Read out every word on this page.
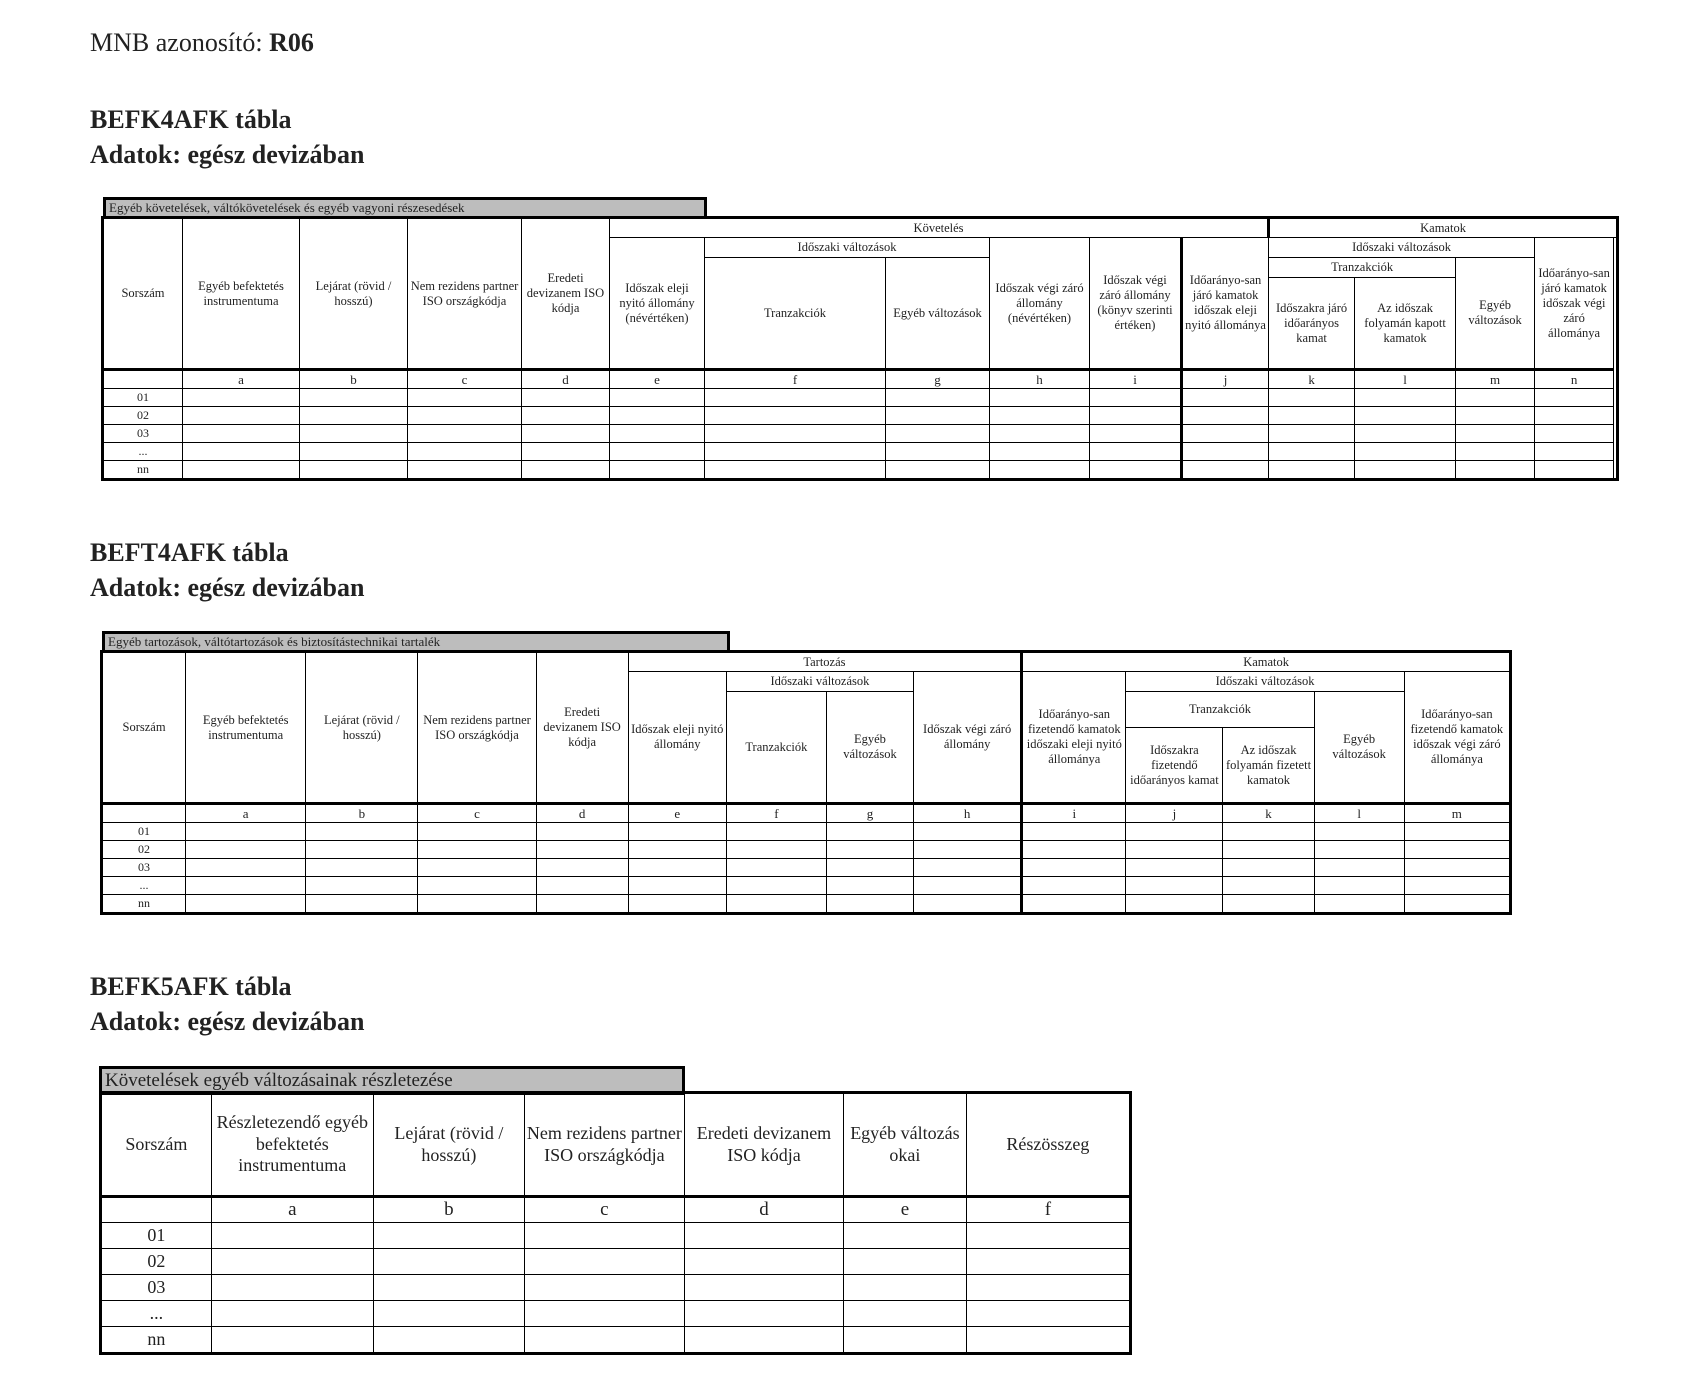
MNB azonosító: R06
BEFK4AFK tábla
Adatok: egész devizában
Egyéb követelések, váltókövetelések és egyéb vagyoni részesedések
Sorszám	Egyéb befektetés instrumentuma	Lejárat (rövid / hosszú)	Nem rezidens partner ISO országkódja	Eredeti devizanem ISO kódja	Követelés						Kamatok			
					Időszak eleji nyitó állomány (névértéken)	Időszaki változások		Időszak végi záró állomány (névértéken)	Időszak végi záró állomány (könyv szerinti értéken)	Időarányo-san járó kamatok időszak eleji nyitó állománya	Időszaki változások			Időarányo-san járó kamatok időszak végi záró állománya
						Tranzakciók	Egyéb változások				Tranzakciók		Egyéb változások	
											Időszakra járó időarányos kamat	Az időszak folyamán kapott kamatok		
	a	b	c	d	e	f	g	h	i	j	k	l	m	n
01														
02														
03														
...														
nn														
BEFT4AFK tábla
Adatok: egész devizában
Egyéb tartozások, váltótartozások és biztosítástechnikai tartalék
Sorszám	Egyéb befektetés instrumentuma	Lejárat (rövid / hosszú)	Nem rezidens partner ISO országkódja	Eredeti devizanem ISO kódja	Tartozás				Kamatok				
					Időszak eleji nyitó állomány	Időszaki változások		Időszak végi záró állomány	Időarányo-san fizetendő kamatok időszaki eleji nyitó állománya	Időszaki változások			Időarányo-san fizetendő kamatok időszak végi záró állománya
						Tranzakciók	Egyéb változások			Tranzakciók		Egyéb változások	
										Időszakra fizetendő időarányos kamat	Az időszak folyamán fizetett kamatok		
	a	b	c	d	e	f	g	h	i	j	k	l	m
01													
02													
03													
...													
nn													
BEFK5AFK tábla
Adatok: egész devizában
Követelések egyéb változásainak részletezése
Sorszám	Részletezendő egyéb befektetés instrumentuma	Lejárat (rövid / hosszú)	Nem rezidens partner ISO országkódja	Eredeti devizanem ISO kódja	Egyéb változás okai	Részösszeg
	a	b	c	d	e	f
01						
02						
03						
...						
nn						
